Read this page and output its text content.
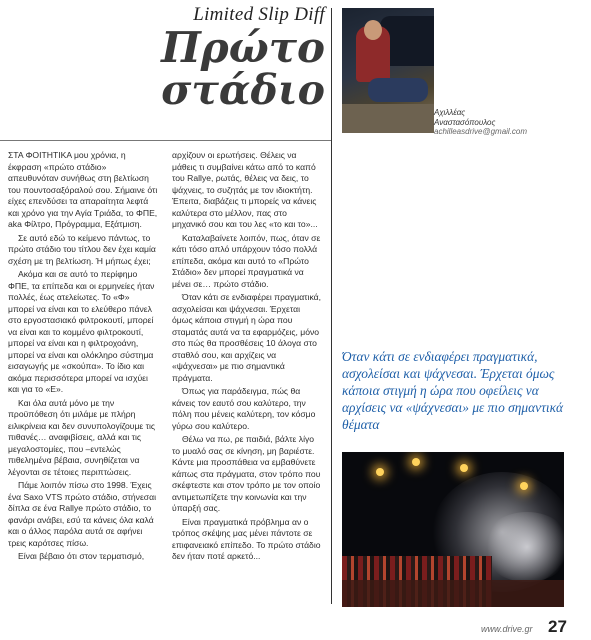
Limited Slip Diff
Πρώτο
στάδιο	Αχιλλέας
Αναστασόπουλος
achilleasdrive@gmail.com

ΣΤΑ ΦΟΙΤΗΤΙΚΑ μου χρόνια, η έκφραση «πρώτο στάδιο» απευθυνόταν συνήθως στη βελτίωση του πουντοσαξόραλού σου. Σήμαινε ότι είχες επενδύσει τα απαραίτητα λεφτά και χρόνο για την Αγία Τριάδα, το ΦΠΕ, aka Φίλτρο, Πρόγραμμα, Εξάτμιση.

Σε αυτό εδώ το κείμενο πάντως, το πρώτο στάδιο του τίτλου δεν έχει καμία σχέση με τη βελτίωση. Ή μήπως έχει;

Ακόμα και σε αυτό το περίφημο ΦΠΕ, τα επίπεδα και οι ερμηνείες ήταν πολλές, έως ατελείωτες. Το «Φ» μπορεί να είναι και το ελεύθερο πάνελ στο εργοστασιακό φιλτροκουτί, μπορεί να είναι και το κομμένο φιλτροκουτί, μπορεί να είναι και η φιλτροχοάνη, μπορεί να είναι και ολόκληρο σύστημα εισαγωγής με «σκούπα». Το ίδιο και ακόμα περισσότερα μπορεί να ισχύει και για το «Ε».

Και όλα αυτά μόνο με την προϋπόθεση ότι μιλάμε με πλήρη ειλικρίνεια και δεν συνυπολογίζουμε τις πιθανές… αναφιβίσεις, αλλά και τις μεγαλοστομίες, που –εντελώς πιθελημένα βέβαια, συνηθίζεται να λέγονται σε τέτοιες περιπτώσεις.

Πάμε λοιπόν πίσω στο 1998. Έχεις ένα Saxo VTS πρώτο στάδιο, στήνεσαι δίπλα σε ένα Rallye πρώτο στάδιο, το φανάρι ανάβει, εσύ τα κάνεις όλα καλά και ο άλλος παρόλα αυτά σε αφήνει τρεις καρότσες πίσω.

Είναι βέβαιο ότι στον τερματισμό,

αρχίζουν οι ερωτήσεις. Θέλεις να μάθεις τι συμβαίνει κάτω από το καπό του Rallye, ρωτάς, θέλεις να δεις, το ψάχνεις, το συζητάς με τον ιδιοκτήτη. Έπειτα, διαβάζεις τι μπορείς να κάνεις καλύτερα στο μέλλον, πας στο μηχανικό σου και του λες «το και το»...

Καταλαβαίνετε λοιπόν, πως, όταν σε κάτι τόσο απλό υπάρχουν τόσο πολλά επίπεδα, ακόμα και αυτό το «Πρώτο Στάδιο» δεν μπορεί πραγματικά να μένει σε… πρώτο στάδιο.

Όταν κάτι σε ενδιαφέρει πραγματικά, ασχολείσαι και ψάχνεσαι. Έρχεται όμως κάποια στιγμή η ώρα που σταματάς αυτά να τα εφαρμόζεις, μόνο στο πώς θα προσθέσεις 10 άλογα στο σταθλό σου, και αρχίζεις να «ψάχνεσαι» με πιο σημαντικά πράγματα.

Όπως για παράδειγμα, πώς θα κάνεις τον εαυτό σου καλύτερο, την πόλη που μένεις καλύτερη, τον κόσμο γύρω σου καλύτερο.

Θέλω να πω, ρε παιδιά, βάλτε λίγο το μυαλό σας σε κίνηση, μη βαριέστε. Κάντε μια προσπάθεια να εμβαθύνετε κάπως στα πράγματα, στον τρόπο που σκέφτεστε και στον τρόπο με τον οποίο αντιμετωπίζετε την κοινωνία και την ύπαρξή σας.

Είναι πραγματικά πρόβλημα αν ο τρόπος σκέψης μας μένει πάντοτε σε επιφανειακό επίπεδο. Το πρώτο στάδιο δεν ήταν ποτέ αρκετό...

Όταν κάτι σε ενδιαφέρει πραγματικά, ασχολείσαι και ψάχνεσαι. Έρχεται όμως κάποια στιγμή η ώρα που οφείλεις να αρχίσεις να «ψάχνεσαι» με πιο σημαντικά θέματα
www.drive.gr 27
